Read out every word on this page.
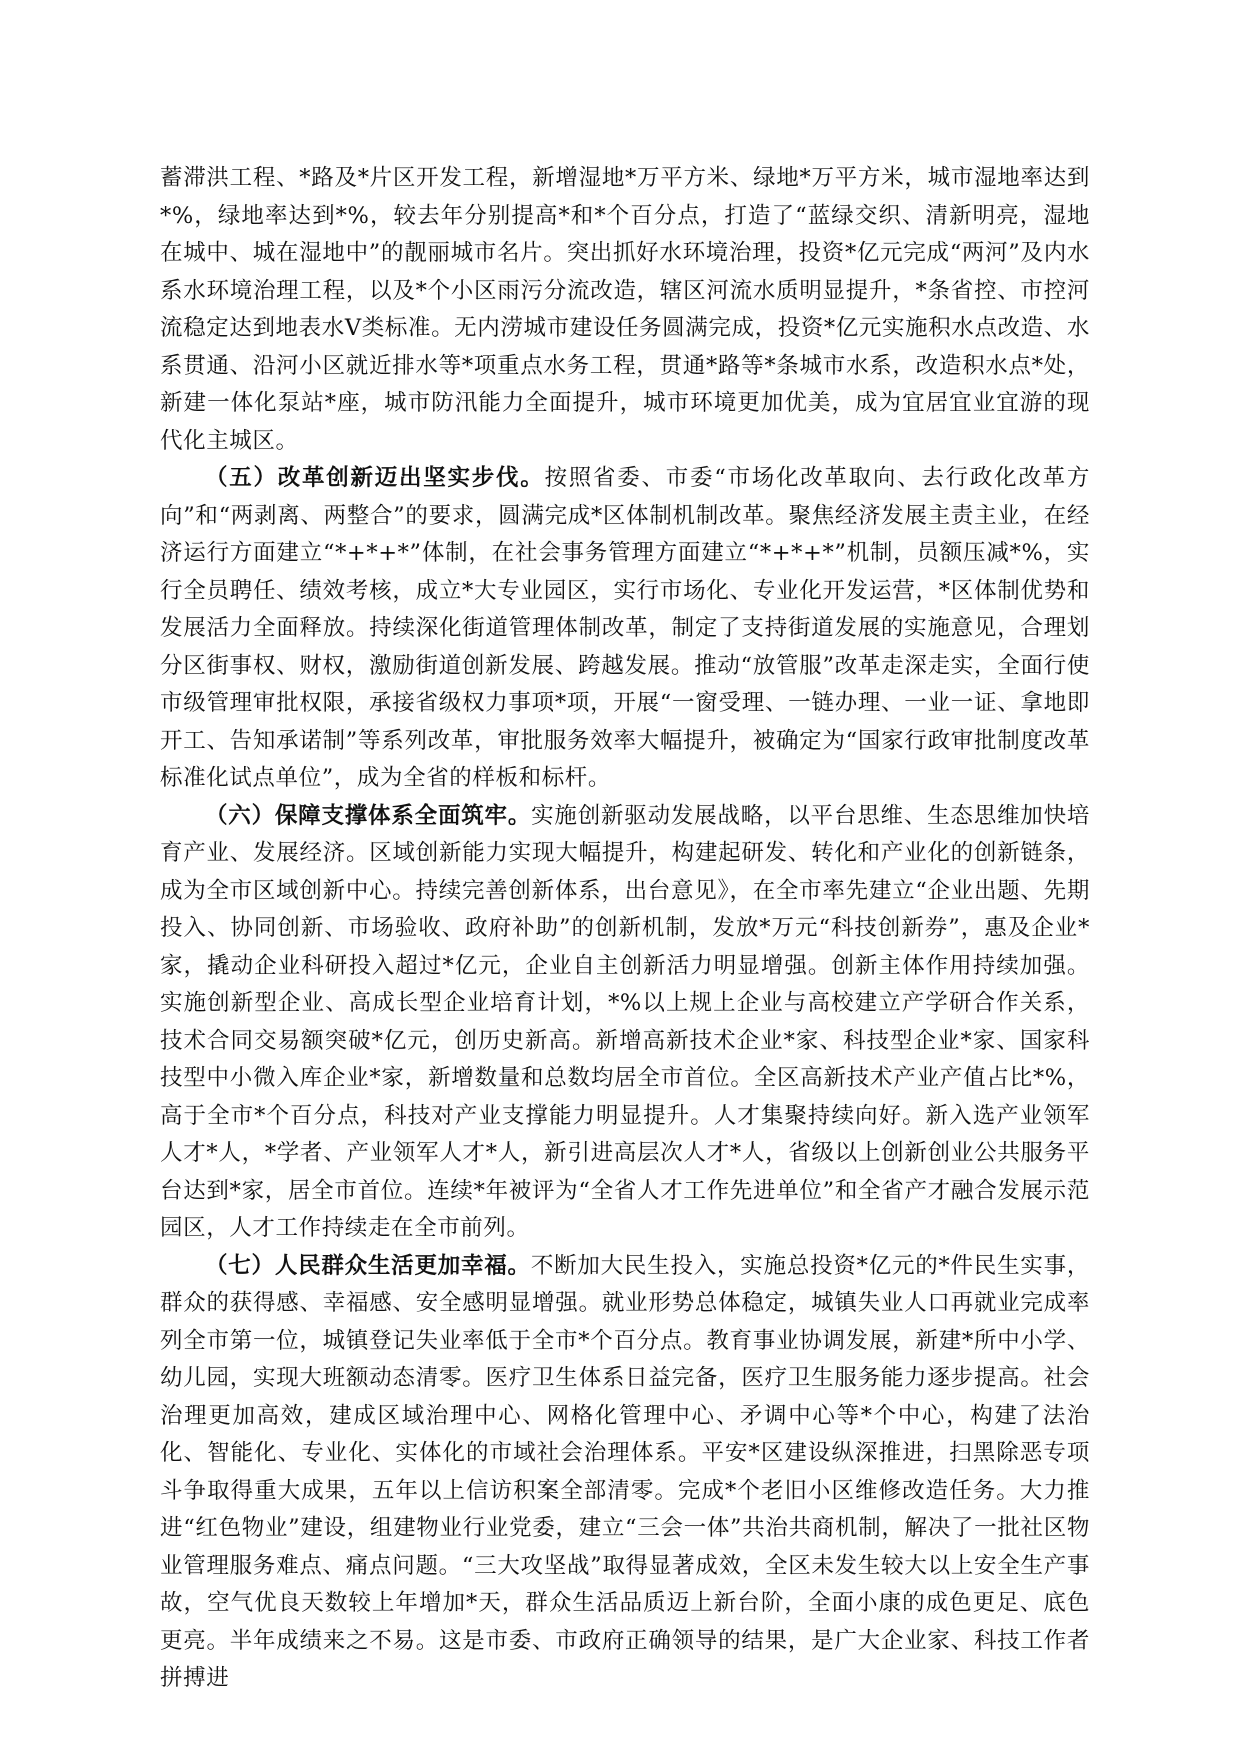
蓄滞洪工程、*路及*片区开发工程，新增湿地*万平方米、绿地*万平方米，城市湿地率达到*%，绿地率达到*%，较去年分别提高*和*个百分点，打造了“蓝绿交织、清新明亮，湿地在城中、城在湿地中”的靓丽城市名片。突出抓好水环境治理，投资*亿元完成“两河”及内水系水环境治理工程，以及*个小区雨污分流改造，辖区河流水质明显提升，*条省控、市控河流稳定达到地表水Ⅴ类标准。无内涝城市建设任务圆满完成，投资*亿元实施积水点改造、水系贯通、沿河小区就近排水等*项重点水务工程，贯通*路等*条城市水系，改造积水点*处，新建一体化泵站*座，城市防汛能力全面提升，城市环境更加优美，成为宜居宜业宜游的现代化主城区。

（五）改革创新迈出坚实步伐。按照省委、市委“市场化改革取向、去行政化改革方向”和“两剥离、两整合”的要求，圆满完成*区体制机制改革。聚焦经济发展主责主业，在经济运行方面建立“*+*+*”体制，在社会事务管理方面建立“*+*+*”机制，员额压减*%，实行全员聘任、绩效考核，成立*大专业园区，实行市场化、专业化开发运营，*区体制优势和发展活力全面释放。持续深化街道管理体制改革，制定了支持街道发展的实施意见，合理划分区街事权、财权，激励街道创新发展、跨越发展。推动“放管服”改革走深走实，全面行使市级管理审批权限，承接省级权力事项*项，开展“一窗受理、一链办理、一业一证、拿地即开工、告知承诺制”等系列改革，审批服务效率大幅提升，被确定为“国家行政审批制度改革标准化试点单位”，成为全省的样板和标杆。

（六）保障支撑体系全面筑牢。实施创新驱动发展战略，以平台思维、生态思维加快培育产业、发展经济。区域创新能力实现大幅提升，构建起研发、转化和产业化的创新链条，成为全市区域创新中心。持续完善创新体系，出台意见》，在全市率先建立“企业出题、先期投入、协同创新、市场验收、政府补助”的创新机制，发放*万元“科技创新券”，惠及企业*家，撬动企业科研投入超过*亿元，企业自主创新活力明显增强。创新主体作用持续加强。实施创新型企业、高成长型企业培育计划，*%以上规上企业与高校建立产学研合作关系，技术合同交易额突破*亿元，创历史新高。新增高新技术企业*家、科技型企业*家、国家科技型中小微入库企业*家，新增数量和总数均居全市首位。全区高新技术产业产值占比*%，高于全市*个百分点，科技对产业支撑能力明显提升。人才集聚持续向好。新入选产业领军人才*人，*学者、产业领军人才*人，新引进高层次人才*人，省级以上创新创业公共服务平台达到*家，居全市首位。连续*年被评为“全省人才工作先进单位”和全省产才融合发展示范园区，人才工作持续走在全市前列。

（七）人民群众生活更加幸福。不断加大民生投入，实施总投资*亿元的*件民生实事，群众的获得感、幸福感、安全感明显增强。就业形势总体稳定，城镇失业人口再就业完成率列全市第一位，城镇登记失业率低于全市*个百分点。教育事业协调发展，新建*所中小学、幼儿园，实现大班额动态清零。医疗卫生体系日益完备，医疗卫生服务能力逐步提高。社会治理更加高效，建成区域治理中心、网格化管理中心、矛调中心等*个中心，构建了法治化、智能化、专业化、实体化的市域社会治理体系。平安*区建设纵深推进，扫黑除恶专项斗争取得重大成果，五年以上信访积案全部清零。完成*个老旧小区维修改造任务。大力推进“红色物业”建设，组建物业行业党委，建立“三会一体”共治共商机制，解决了一批社区物业管理服务难点、痛点问题。“三大攻坚战”取得显著成效，全区未发生较大以上安全生产事故，空气优良天数较上年增加*天，群众生活品质迈上新台阶，全面小康的成色更足、底色更亮。半年成绩来之不易。这是市委、市政府正确领导的结果，是广大企业家、科技工作者拼搏进
